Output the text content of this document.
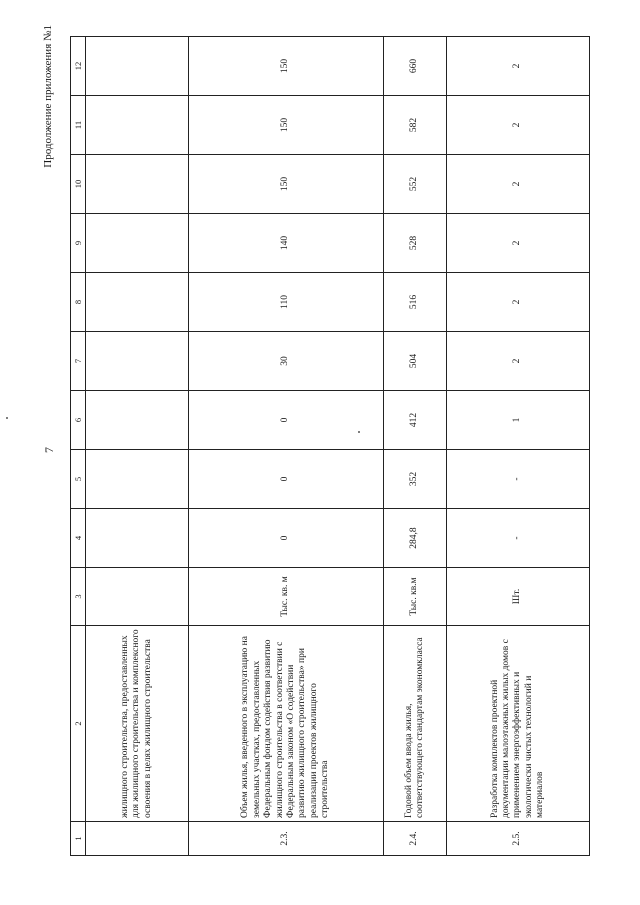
Продолжение приложения №1
7
1	2	3	4	5	6	7	8	9	10	11	12
	жилищного строительства, предоставленных для жилищного строительства и комплексного освоения в целях жилищного строительства										
2.3.	Объем жилья, введенного в эксплуатацию на земельных участках, предоставленных Федеральным фондом содействия развитию жилищного строительства в соответствии с Федеральным законом «О содействии развитию жилищного строительства» при реализации проектов жилищного строительства	Тыс. кв. м	0	0	0	30	110	140	150	150	150
2.4.	Годовой объем ввода жилья, соответствующего стандартам экономкласса	Тыс. кв.м	284,8	352	412	504	516	528	552	582	660
2.5.	Разработка комплектов проектной документации малоэтажных жилых домов с применением энергоэффективных и экологически чистых технологий и материалов	Шт.	-	-	1	2	2	2	2	2	2
